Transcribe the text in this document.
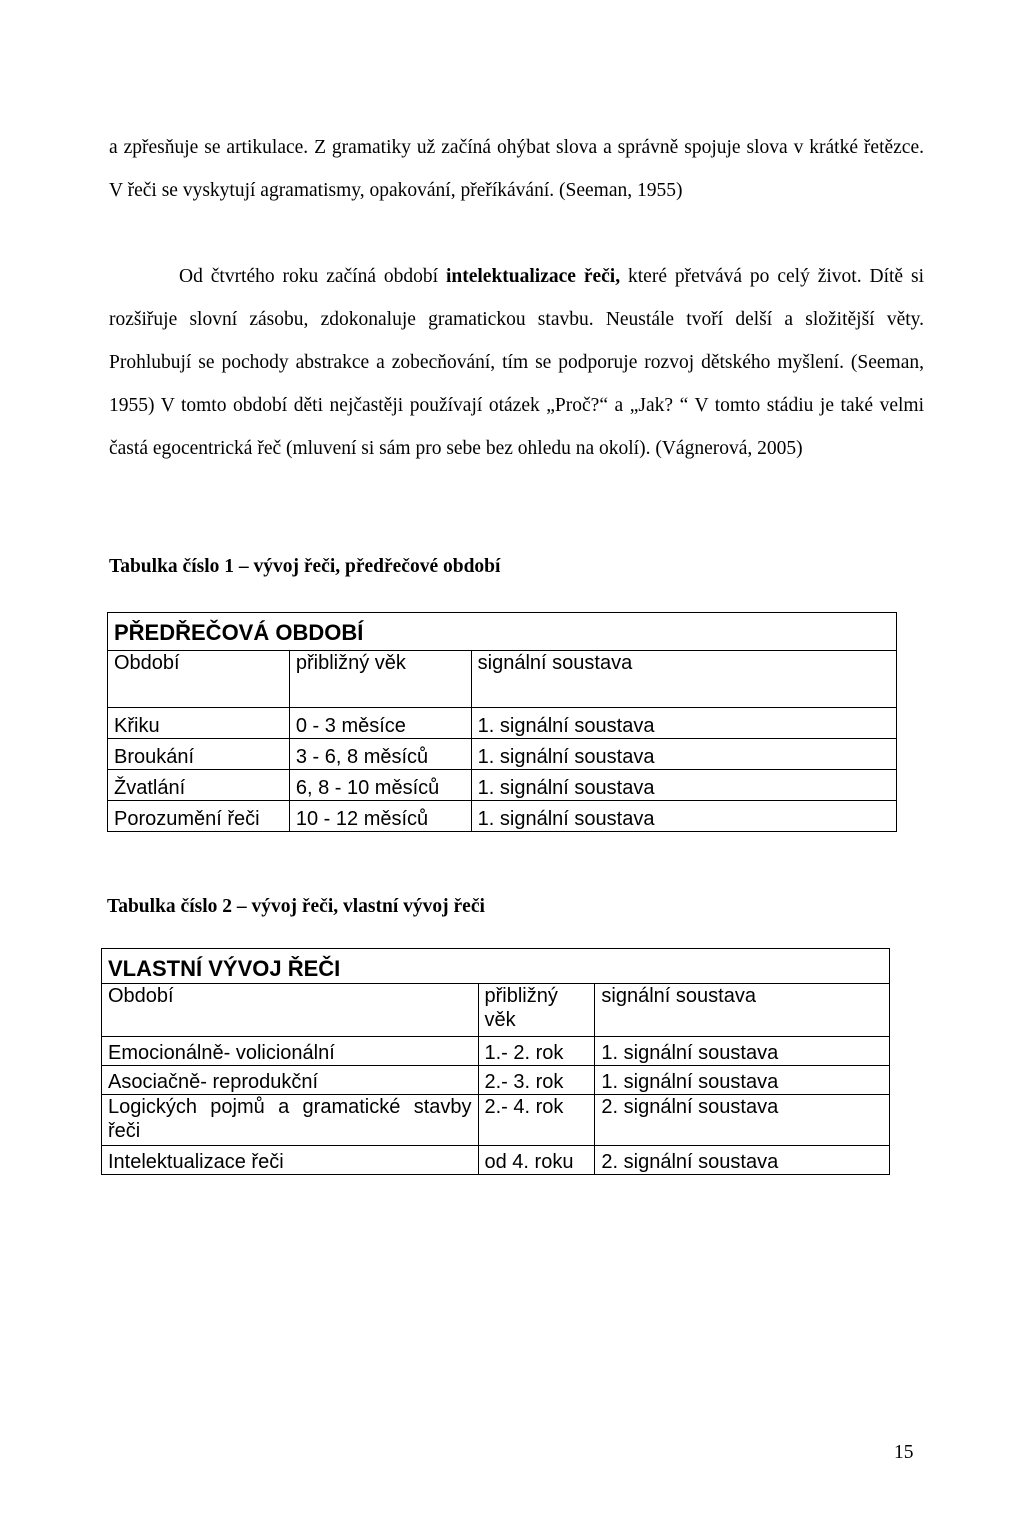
a zpřesňuje se artikulace. Z gramatiky už začíná ohýbat slova a správně spojuje slova v krátké řetězce. V řeči se vyskytují agramatismy, opakování, přeříkávání. (Seeman, 1955)

Od čtvrtého roku začíná období intelektualizace řeči, které přetvává po celý život. Dítě si rozšiřuje slovní zásobu, zdokonaluje gramatickou stavbu. Neustále tvoří delší a složitější věty. Prohlubují se pochody abstrakce a zobecňování, tím se podporuje rozvoj dětského myšlení. (Seeman, 1955) V tomto období děti nejčastěji používají otázek „Proč?“ a „Jak? “ V tomto stádiu je také velmi častá egocentrická řeč (mluvení si sám pro sebe bez ohledu na okolí). (Vágnerová, 2005)

Tabulka číslo 1 – vývoj řeči, předřečové období

PŘEDŘEČOVÁ OBDOBÍ		
Období	přibližný věk	signální soustava
Křiku	0 - 3 měsíce	1. signální soustava
Broukání	3 - 6, 8 měsíců	1. signální soustava
Žvatlání	6, 8 - 10 měsíců	1. signální soustava
Porozumění řeči	10 - 12 měsíců	1. signální soustava

Tabulka číslo 2 – vývoj řeči, vlastní vývoj řeči

VLASTNÍ VÝVOJ ŘEČI		
Období	přibližný věk	signální soustava
Emocionálně- volicionální	1.- 2. rok	1. signální soustava
Asociačně- reprodukční	2.- 3. rok	1. signální soustava
Logických pojmů a gramatické stavby řeči	2.- 4. rok	2. signální soustava
Intelektualizace řeči	od 4. roku	2. signální soustava

15
